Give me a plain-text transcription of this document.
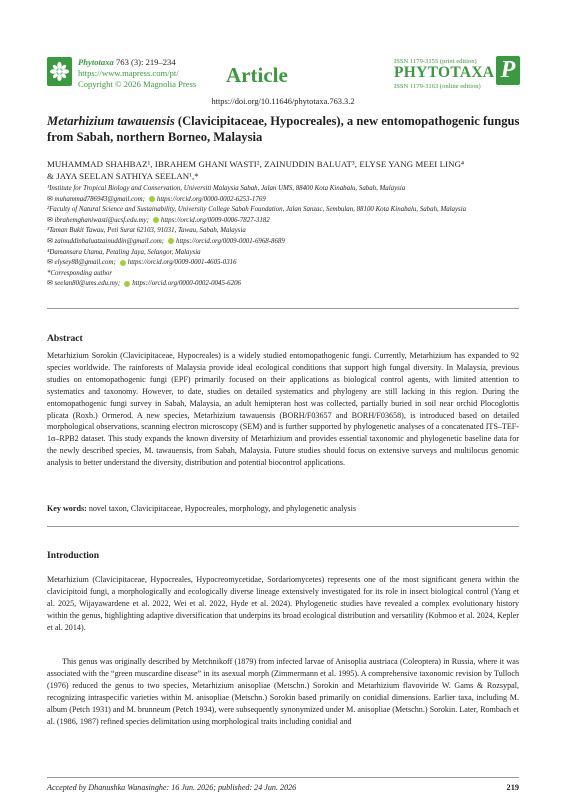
Phytotaxa 763 (3): 219–234
https://www.mapress.com/pt/
Copyright © 2026 Magnolia Press Article
ISSN 1179-3155 (print edition)
ISSN 1179-3163 (online edition)
PHYTOTAXA P
https://doi.org/10.11646/phytotaxa.763.3.2
Metarhizium tawauensis (Clavicipitaceae, Hypocreales), a new entomopathogenic fungus from Sabah, northern Borneo, Malaysia
MUHAMMAD SHAHBAZ¹, IBRAHEM GHANI WASTI², ZAINUDDIN BALUAT³, ELYSE YANG MEEI LING⁴
& JAYA SEELAN SATHIYA SEELAN¹,*
¹Institute for Tropical Biology and Conservation, Universiti Malaysia Sabah, Jalan UMS, 88400 Kota Kinabalu, Sabah, Malaysia
✉ muhammad786943@gmail.com; https://orcid.org/0000-0002-6253-1769
²Faculty of Natural Science and Sustainability, University College Sabah Foundation, Jalan Sanzac, Sembulan, 88100 Kota Kinabalu, Sabah, Malaysia
✉ ibrahemghaniwasti@ucsf.edu.my; https://orcid.org/0009-0006-7827-3182
³Taman Bukit Tawau, Peti Surat 62103, 91031, Tawau, Sabah, Malaysia
✉ zainuddinbaluatzainuddin@gmail.com; https://orcid.org/0009-0001-6968-8689
⁴Damansara Utama, Petaling Jaya, Selangor, Malaysia
✉ elysey88@gmail.com; https://orcid.org/0009-0001-4605-0316
*Corresponding author
✉ seelan80@ums.edu.my; https://orcid.org/0000-0002-0045-6206
Abstract
Metarhizium Sorokin (Clavicipitaceae, Hypocreales) is a widely studied entomopathogenic fungi. Currently, Metarhizium has expanded to 92 species worldwide. The rainforests of Malaysia provide ideal ecological conditions that support high fungal diversity. In Malaysia, previous studies on entomopathogenic fungi (EPF) primarily focused on their applications as biological control agents, with limited attention to systematics and taxonomy. However, to date, studies on detailed systematics and phylogeny are still lacking in this region. During the entomopathogenic fungi survey in Sabah, Malaysia, an adult hemipteran host was collected, partially buried in soil near orchid Plocoglottis plicata (Roxb.) Ormerod. A new species, Metarhizium tawauensis (BORH/F03657 and BORH/F03658), is introduced based on detailed morphological observations, scanning electron microscopy (SEM) and is further supported by phylogenetic analyses of a concatenated ITS–TEF-1α–RPB2 dataset. This study expands the known diversity of Metarhizium and provides essential taxonomic and phylogenetic baseline data for the newly described species, M. tawauensis, from Sabah, Malaysia. Future studies should focus on extensive surveys and multilocus genomic analysis to better understand the diversity, distribution and potential biocontrol applications.
Key words: novel taxon, Clavicipitaceae, Hypocreales, morphology, and phylogenetic analysis
Introduction
Metarhizium (Clavicipitaceae, Hypocreales, Hypocreomycetidae, Sordariomycetes) represents one of the most significant genera within the clavicipitoid fungi, a morphologically and ecologically diverse lineage extensively investigated for its role in insect biological control (Yang et al. 2025, Wijayawardene et al. 2022, Wei et al. 2022, Hyde et al. 2024). Phylogenetic studies have revealed a complex evolutionary history within the genus, highlighting adaptive diversification that underpins its broad ecological distribution and versatility (Kobmoo et al. 2024, Kepler et al. 2014).
This genus was originally described by Metchnikoff (1879) from infected larvae of Anisoplia austriaca (Coleoptera) in Russia, where it was associated with the “green muscardine disease” in its asexual morph (Zimmermann et al. 1995). A comprehensive taxonomic revision by Tulloch (1976) reduced the genus to two species, Metarhizium anisopliae (Metschn.) Sorokin and Metarhizium flavoviride W. Gams & Rozsypal, recognizing intraspecific varieties within M. anisopliae (Metschn.) Sorokin based primarily on conidial dimensions. Earlier taxa, including M. album (Petch 1931) and M. brunneum (Petch 1934), were subsequently synonymized under M. anisopliae (Metschn.) Sorokin. Later, Rombach et al. (1986, 1987) refined species delimitation using morphological traits including conidial and
Accepted by Dhanushka Wanasinghe: 16 Jun. 2026; published: 24 Jun. 2026	219
